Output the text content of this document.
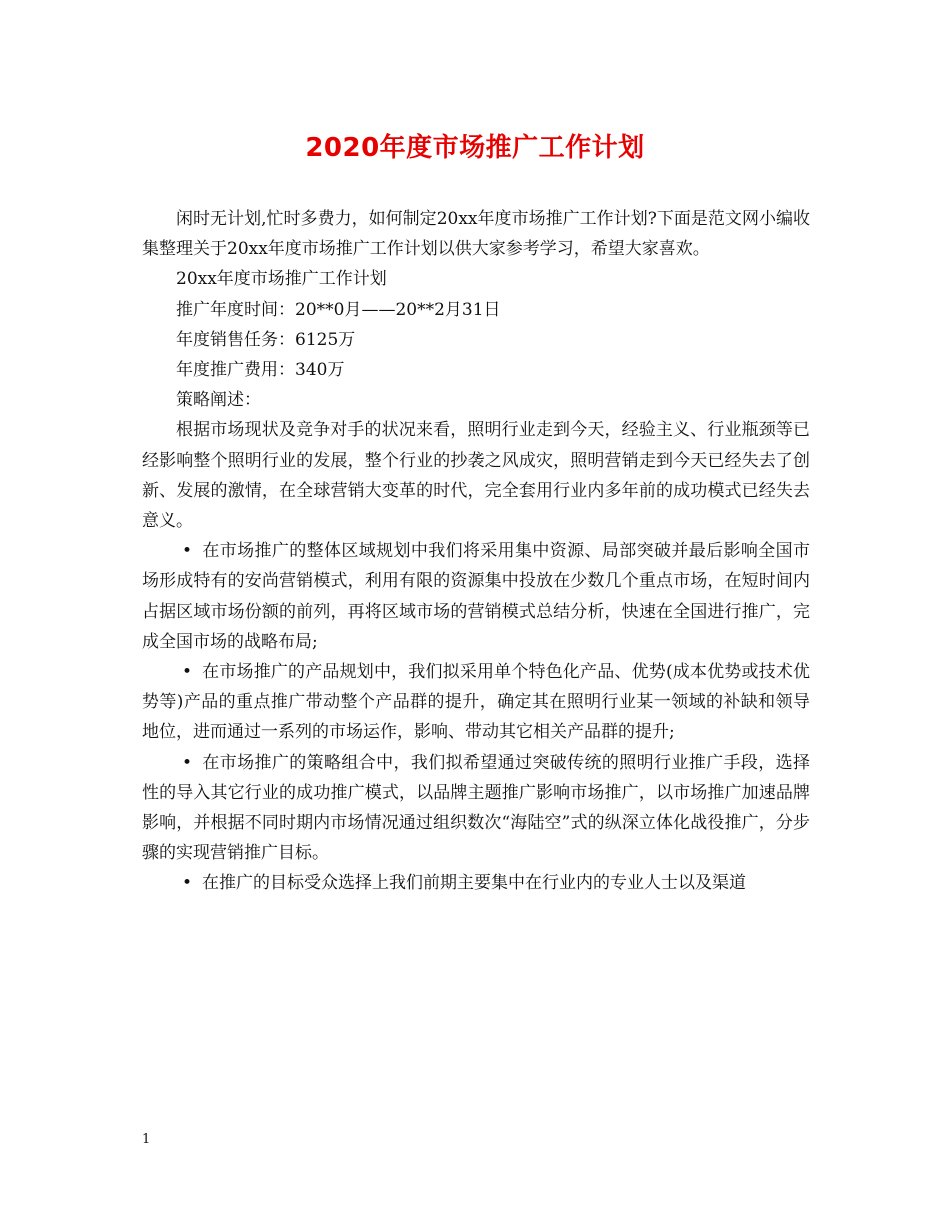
2020年度市场推广工作计划

闲时无计划,忙时多费力，如何制定20xx年度市场推广工作计划?下面是范文网小编收集整理关于20xx年度市场推广工作计划以供大家参考学习，希望大家喜欢。

20xx年度市场推广工作计划

推广年度时间：20**0月——20**2月31日

年度销售任务：6125万

年度推广费用：340万

策略阐述：

根据市场现状及竞争对手的状况来看，照明行业走到今天，经验主义、行业瓶颈等已经影响整个照明行业的发展，整个行业的抄袭之风成灾，照明营销走到今天已经失去了创新、发展的激情，在全球营销大变革的时代，完全套用行业内多年前的成功模式已经失去意义。

• 在市场推广的整体区域规划中我们将采用集中资源、局部突破并最后影响全国市场形成特有的安尚营销模式，利用有限的资源集中投放在少数几个重点市场，在短时间内占据区域市场份额的前列，再将区域市场的营销模式总结分析，快速在全国进行推广，完成全国市场的战略布局;

• 在市场推广的产品规划中，我们拟采用单个特色化产品、优势(成本优势或技术优势等)产品的重点推广带动整个产品群的提升，确定其在照明行业某一领域的补缺和领导地位，进而通过一系列的市场运作，影响、带动其它相关产品群的提升;

• 在市场推广的策略组合中，我们拟希望通过突破传统的照明行业推广手段，选择性的导入其它行业的成功推广模式，以品牌主题推广影响市场推广，以市场推广加速品牌影响，并根据不同时期内市场情况通过组织数次“海陆空”式的纵深立体化战役推广，分步骤的实现营销推广目标。

• 在推广的目标受众选择上我们前期主要集中在行业内的专业人士以及渠道

1
